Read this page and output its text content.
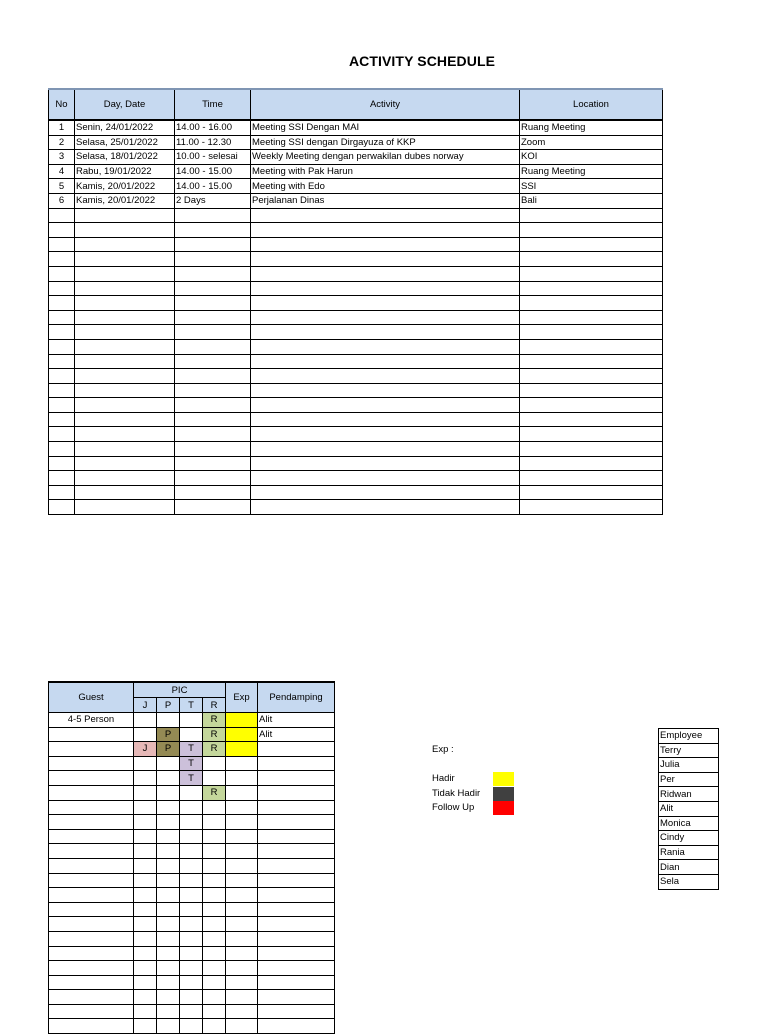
ACTIVITY SCHEDULE
No	Day, Date	Time	Activity	Location
1	Senin, 24/01/2022	14.00 - 16.00	Meeting SSI Dengan MAI	Ruang Meeting
2	Selasa, 25/01/2022	11.00 - 12.30	Meeting SSI dengan Dirgayuza of KKP	Zoom
3	Selasa, 18/01/2022	10.00 - selesai	Weekly Meeting dengan perwakilan dubes norway	KOI
4	Rabu, 19/01/2022	14.00 - 15.00	Meeting with Pak Harun	Ruang Meeting
5	Kamis, 20/01/2022	14.00 - 15.00	Meeting with Edo	SSI
6	Kamis, 20/01/2022	2 Days	Perjalanan Dinas	Bali

Guest	PIC				Exp	Pendamping
	J	P	T	R		
4-5 Person				R		Alit
		P		R		Alit
	J	P	T	R		
			T			
			T			
				R		

Exp :
Hadir
Tidak Hadir
Follow Up
Employee
Terry
Julia
Per
Ridwan
Alit
Monica
Cindy
Rania
Dian
Sela
